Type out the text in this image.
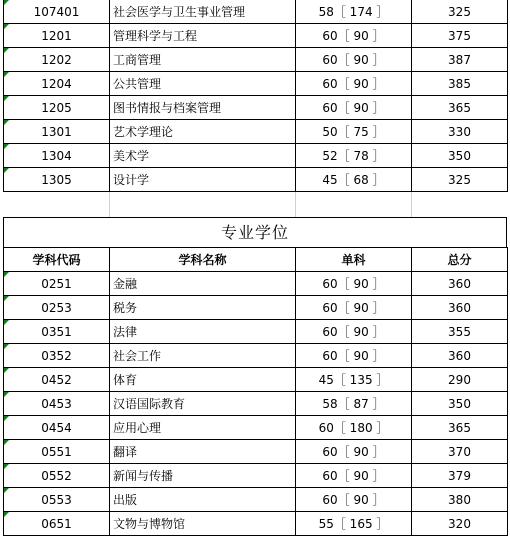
107401	社会医学与卫生事业管理	58［ 174 ］	325
1201	管理科学与工程	60［ 90 ］	375
1202	工商管理	60［ 90 ］	387
1204	公共管理	60［ 90 ］	385
1205	图书情报与档案管理	60［ 90 ］	365
1301	艺术学理论	50［ 75 ］	330
1304	美术学	52［ 78 ］	350
1305	设计学	45［ 68 ］	325
专业学位
学科代码	学科名称	单科	总分
0251	金融	60［ 90 ］	360
0253	税务	60［ 90 ］	360
0351	法律	60［ 90 ］	355
0352	社会工作	60［ 90 ］	360
0452	体育	45［ 135 ］	290
0453	汉语国际教育	58［ 87 ］	350
0454	应用心理	60［ 180 ］	365
0551	翻译	60［ 90 ］	370
0552	新闻与传播	60［ 90 ］	379
0553	出版	60［ 90 ］	380
0651	文物与博物馆	55［ 165 ］	320
